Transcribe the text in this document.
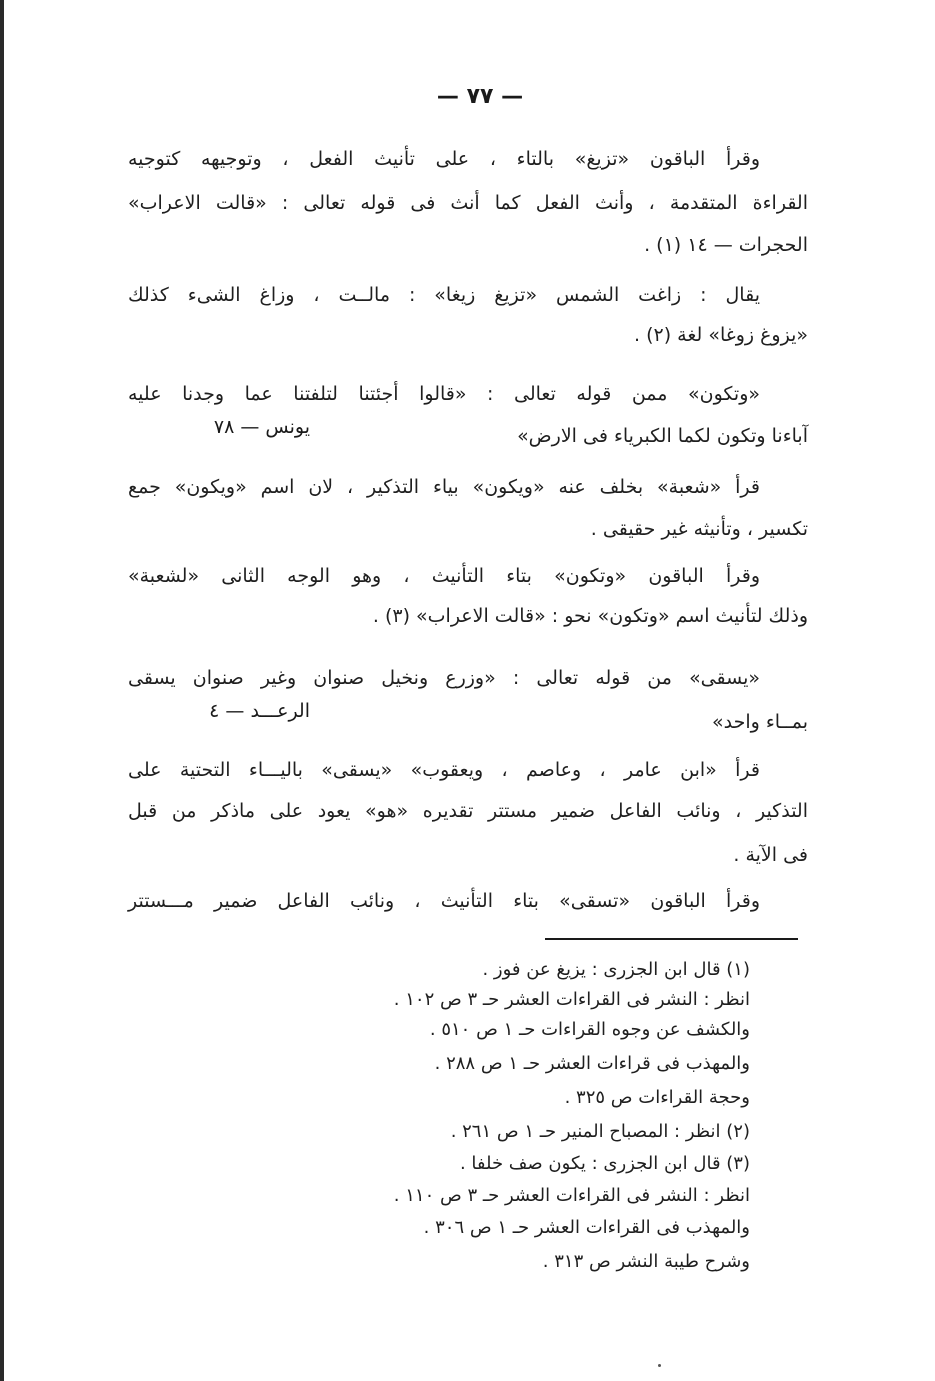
— ٧٧ —
وقرأ الباقون «تزيغ» بالتاء ، على تأنيث الفعل ، وتوجيهه كتوجيه
القراءة المتقدمة ، وأنث الفعل كما أنث فى قوله تعالى : «قالت الاعراب»
الحجرات — ١٤ (١) .
يقال : زاغت الشمس «تزيغ زيغا» : مالــت ، وزاغ الشىء كذلك
«يزوغ زوغا» لغة (٢) .
«وتكون» ممن قوله تعالى : «قالوا أجئتنا لتلفتنا عما وجدنا عليه
يونس — ٧٨	آباءنا وتكون لكما الكبرياء فى الارض»
قرأ «شعبة» بخلف عنه «ويكون» بياء التذكير ، لان اسم «ويكون» جمع
تكسير ، وتأنيثه غير حقيقى .
وقرأ الباقون «وتكون» بتاء التأنيث ، وهو الوجه الثانى «لشعبة»
وذلك لتأنيث اسم «وتكون» نحو : «قالت الاعراب» (٣) .
«يسقى» من قوله تعالى : «وزرع ونخيل صنوان وغير صنوان يسقى
الرعـــد — ٤	بمــاء واحد»
قرأ «ابن عامر ، وعاصم ، ويعقوب» «يسقى» باليـــاء التحتية على
التذكير ، ونائب الفاعل ضمير مستتر تقديره «هو» يعود على ماذكر من قبل
فى الآية .
وقرأ الباقون «تسقى» بتاء التأنيث ، ونائب الفاعل ضمير مـــستتر
(١) قال ابن الجزرى : يزيغ عن فوز .
انظر : النشر فى القراءات العشر حـ ٣ ص ١٠٢ .
والكشف عن وجوه القراءات حـ ١ ص ٥١٠ .
والمهذب فى قراءات العشر حـ ١ ص ٢٨٨ .
وحجة القراءات ص ٣٢٥ .
(٢) انظر : المصباح المنير حـ ١ ص ٢٦١ .
(٣) قال ابن الجزرى : يكون صف خلفا .
انظر : النشر فى القراءات العشر حـ ٣ ص ١١٠ .
والمهذب فى القراءات العشر حـ ١ ص ٣٠٦ .
وشرح طيبة النشر ص ٣١٣ .
